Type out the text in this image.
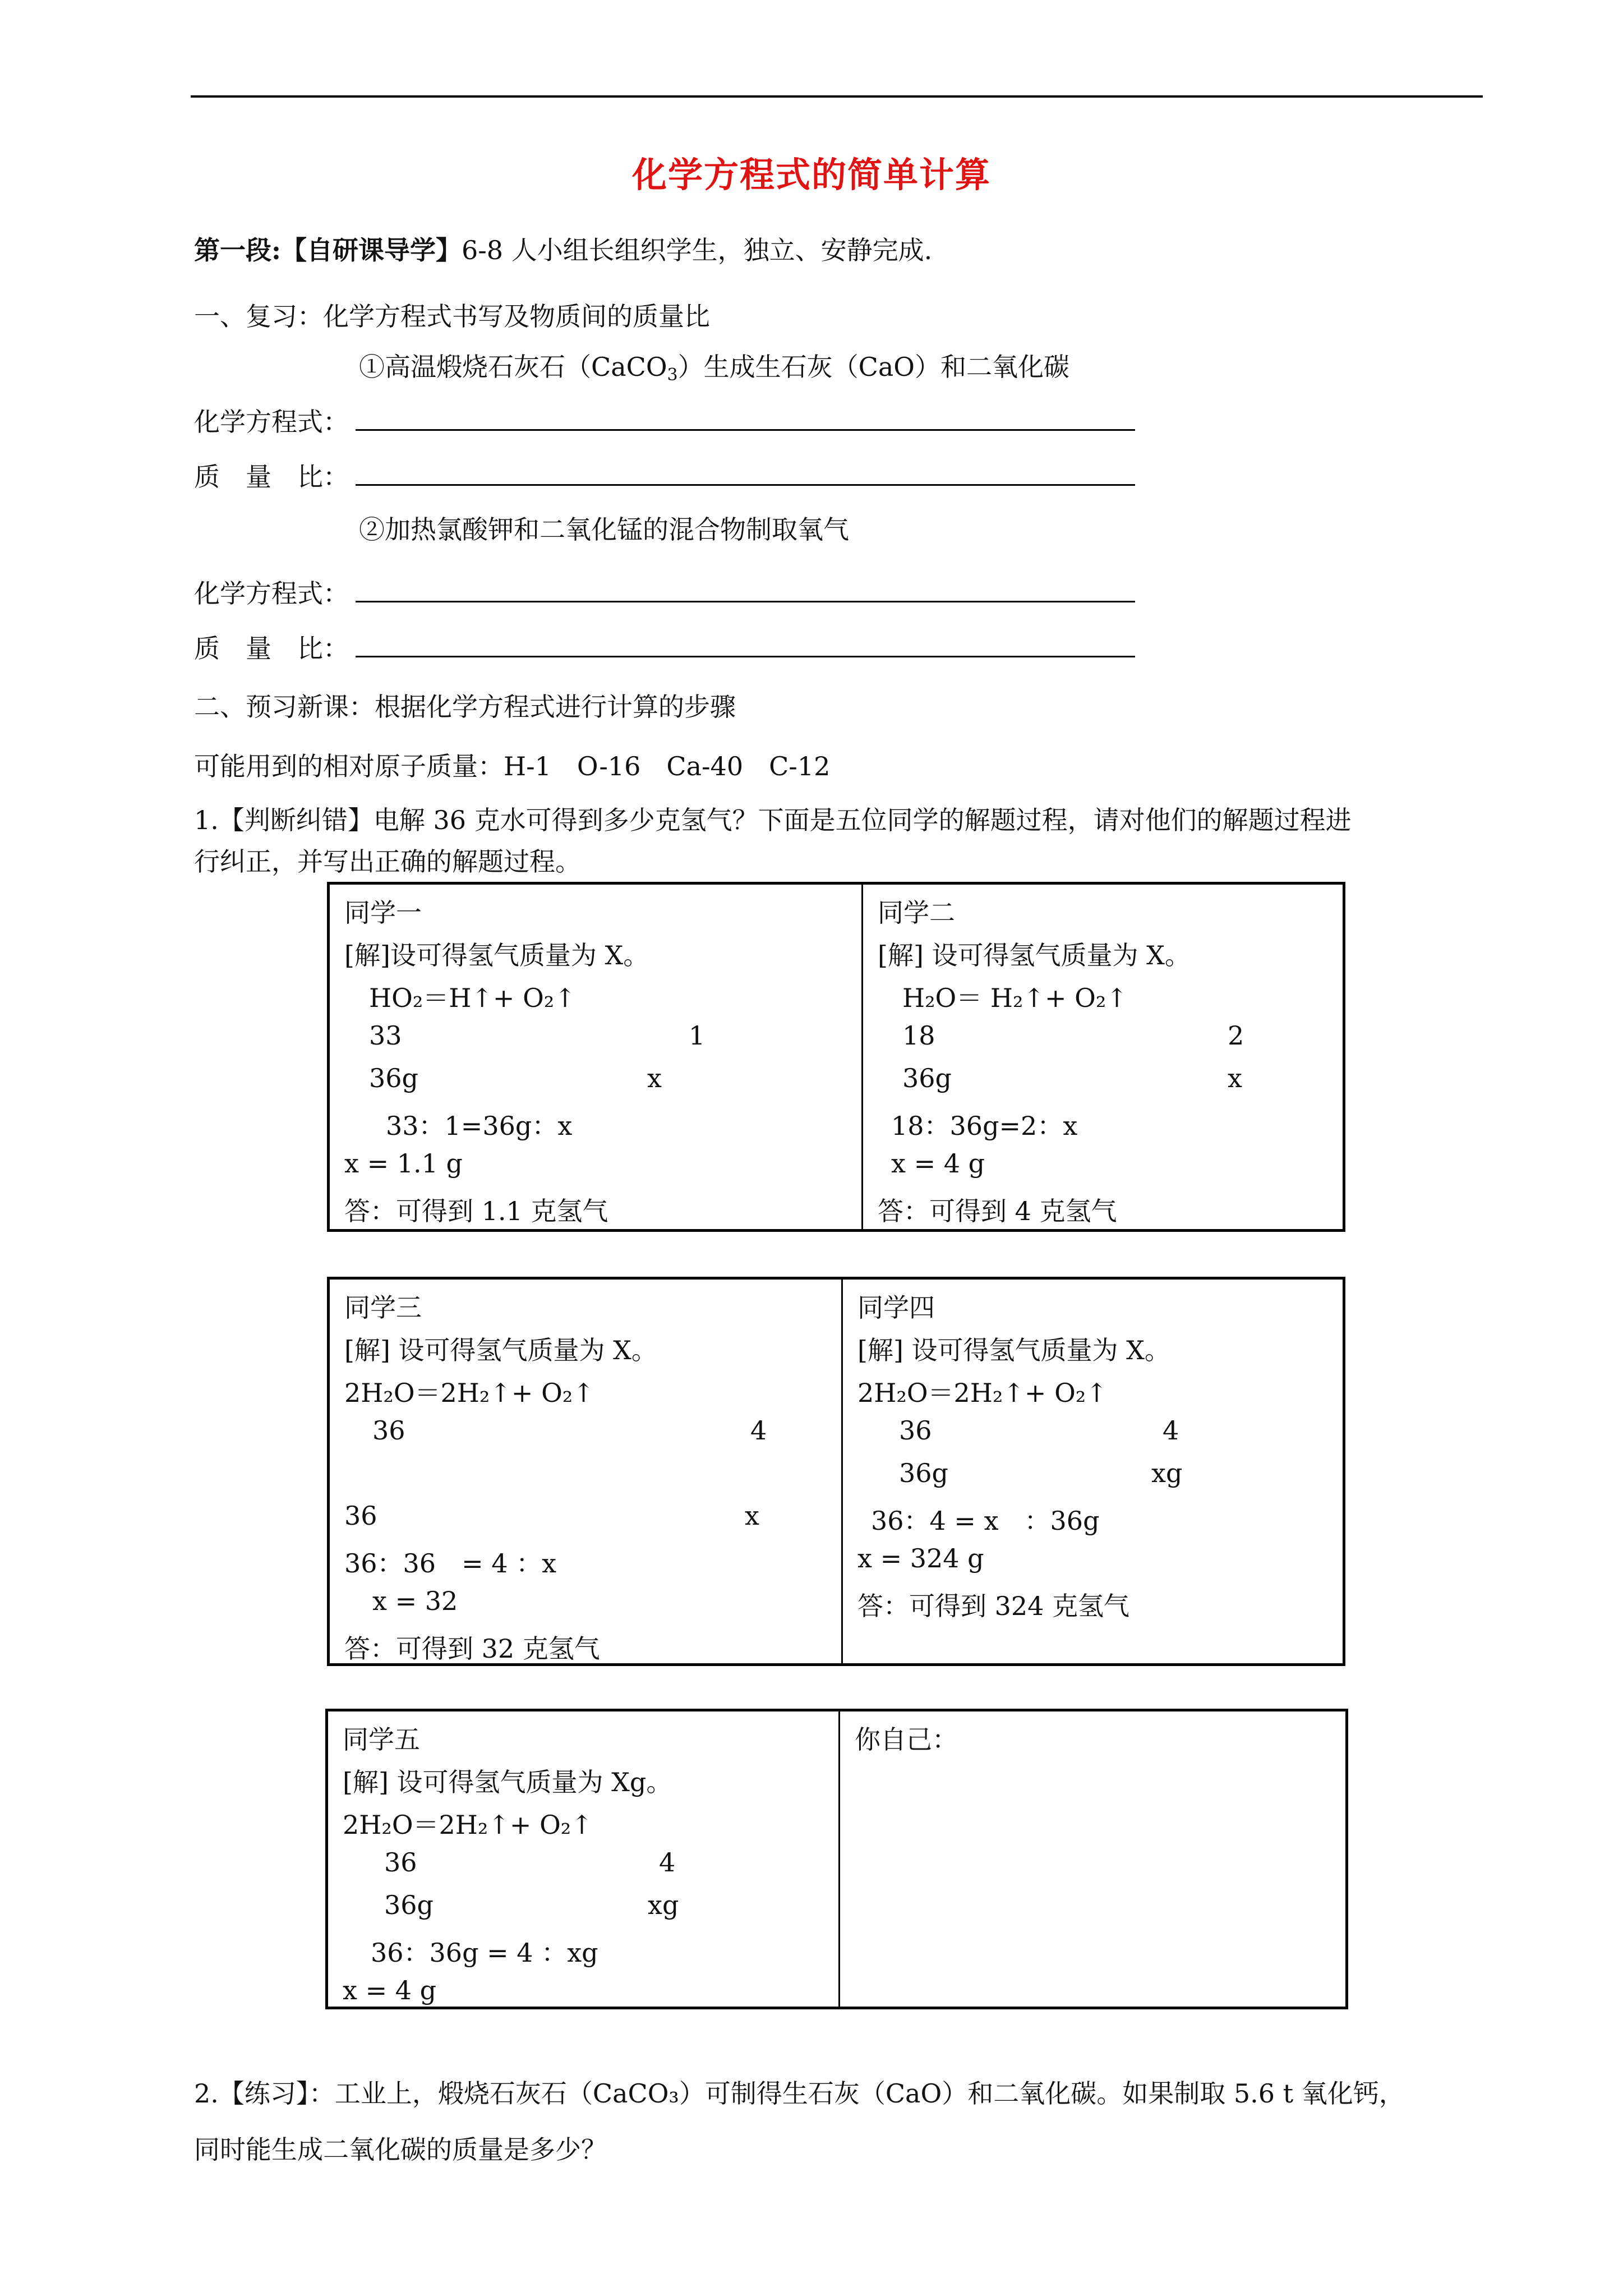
化学方程式的简单计算
第一段:【自研课导学】6-8 人小组长组织学生，独立、安静完成.
一、复习：化学方程式书写及物质间的质量比
①高温煅烧石灰石（CaCO$_3$）生成生石灰（CaO）和二氧化碳
化学方程式：
质　量　比：
②加热氯酸钾和二氧化锰的混合物制取氧气
化学方程式：
质　量　比：
二、预习新课：根据化学方程式进行计算的步骤
可能用到的相对原子质量：H-1　O-16　Ca-40　C-12
1.【判断纠错】电解 36 克水可得到多少克氢气？下面是五位同学的解题过程，请对他们的解题过程进
行纠正，并写出正确的解题过程。
同学一
[解]设可得氢气质量为 X。
HO₂＝H↑+ O₂↑
33	1
36g	x
33：1=36g：x
x = 1.1 g
答：可得到 1.1 克氢气
同学二
[解] 设可得氢气质量为 X。
H₂O＝ H₂↑+ O₂↑
18	2
36g	x
18：36g=2：x
x = 4 g
答：可得到 4 克氢气
同学三
[解] 设可得氢气质量为 X。
2H₂O＝2H₂↑+ O₂↑
36	4
36	x
36：36　= 4 ：x
x = 32
答：可得到 32 克氢气
同学四
[解] 设可得氢气质量为 X。
2H₂O＝2H₂↑+ O₂↑
36	4
36g	xg
36：4 = x　：36g
x = 324 g
答：可得到 324 克氢气
同学五
[解] 设可得氢气质量为 Xg。
2H₂O＝2H₂↑+ O₂↑
36	4
36g	xg
36：36g = 4 ：xg
x = 4 g
你自己：
2.【练习】：工业上，煅烧石灰石（CaCO₃）可制得生石灰（CaO）和二氧化碳。如果制取 5.6 t 氧化钙，
同时能生成二氧化碳的质量是多少？
